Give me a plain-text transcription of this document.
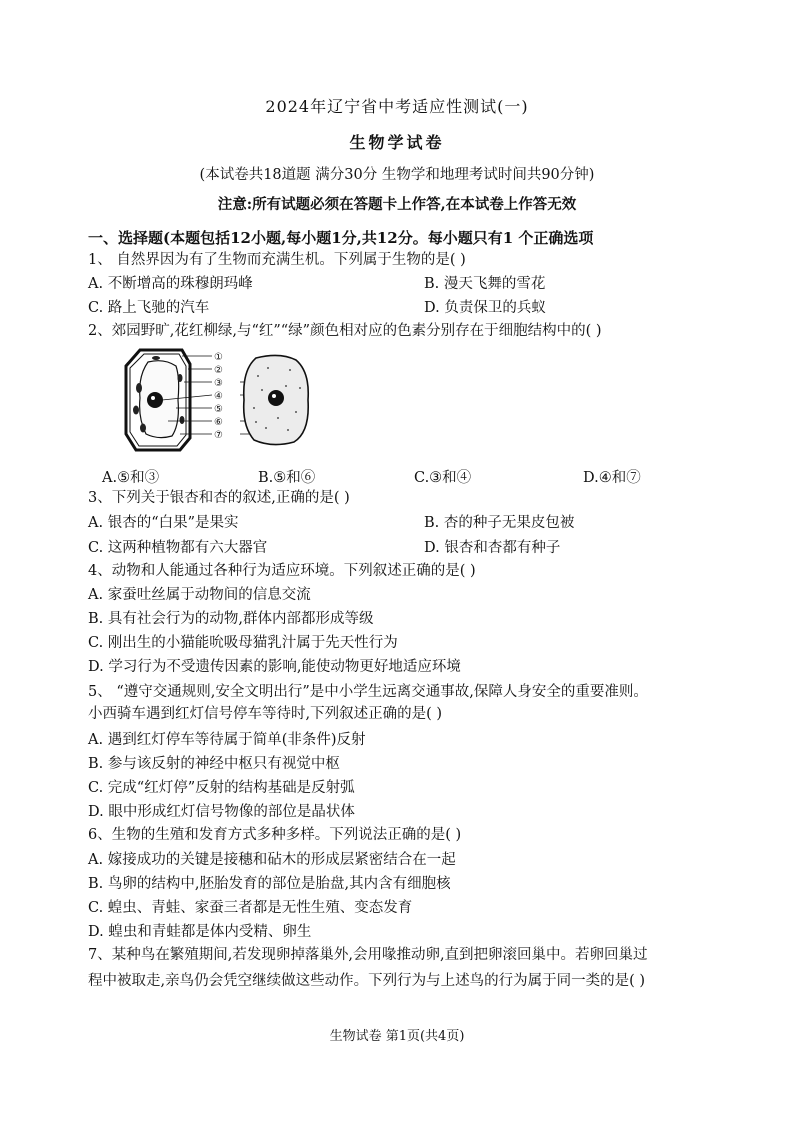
2024年辽宁省中考适应性测试(一)
生物学试卷
(本试卷共18道题 满分30分 生物学和地理考试时间共90分钟)
注意:所有试题必须在答题卡上作答,在本试卷上作答无效
一、选择题(本题包括12小题,每小题1分,共12分。每小题只有1 个正确选项
1、 自然界因为有了生物而充满生机。下列属于生物的是( )
A. 不断增高的珠穆朗玛峰	B. 漫天飞舞的雪花
C. 路上飞驰的汽车	D. 负责保卫的兵蚁
2、郊园野旷,花红柳绿,与“红”“绿”颜色相对应的色素分别存在于细胞结构中的( )
①
②
③
④
⑤
⑥
⑦
A.⑤和③	B.⑤和⑥	C.③和④	D.④和⑦
3、下列关于银杏和杏的叙述,正确的是( )
A. 银杏的“白果”是果实	B. 杏的种子无果皮包被
C. 这两种植物都有六大器官	D. 银杏和杏都有种子
4、动物和人能通过各种行为适应环境。下列叙述正确的是( )
A. 家蚕吐丝属于动物间的信息交流
B. 具有社会行为的动物,群体内部都形成等级
C. 刚出生的小猫能吮吸母猫乳汁属于先天性行为
D. 学习行为不受遗传因素的影响,能使动物更好地适应环境
5、 “遵守交通规则,安全文明出行”是中小学生远离交通事故,保障人身安全的重要准则。
小西骑车遇到红灯信号停车等待时,下列叙述正确的是( )
A. 遇到红灯停车等待属于简单(非条件)反射
B. 参与该反射的神经中枢只有视觉中枢
C. 完成“红灯停”反射的结构基础是反射弧
D. 眼中形成红灯信号物像的部位是晶状体
6、生物的生殖和发育方式多种多样。下列说法正确的是( )
A. 嫁接成功的关键是接穗和砧木的形成层紧密结合在一起
B. 鸟卵的结构中,胚胎发育的部位是胎盘,其内含有细胞核
C. 蝗虫、青蛙、家蚕三者都是无性生殖、变态发育
D. 蝗虫和青蛙都是体内受精、卵生
7、某种鸟在繁殖期间,若发现卵掉落巢外,会用喙推动卵,直到把卵滚回巢中。若卵回巢过
程中被取走,亲鸟仍会凭空继续做这些动作。下列行为与上述鸟的行为属于同一类的是( )
生物试卷 第1页(共4页)
